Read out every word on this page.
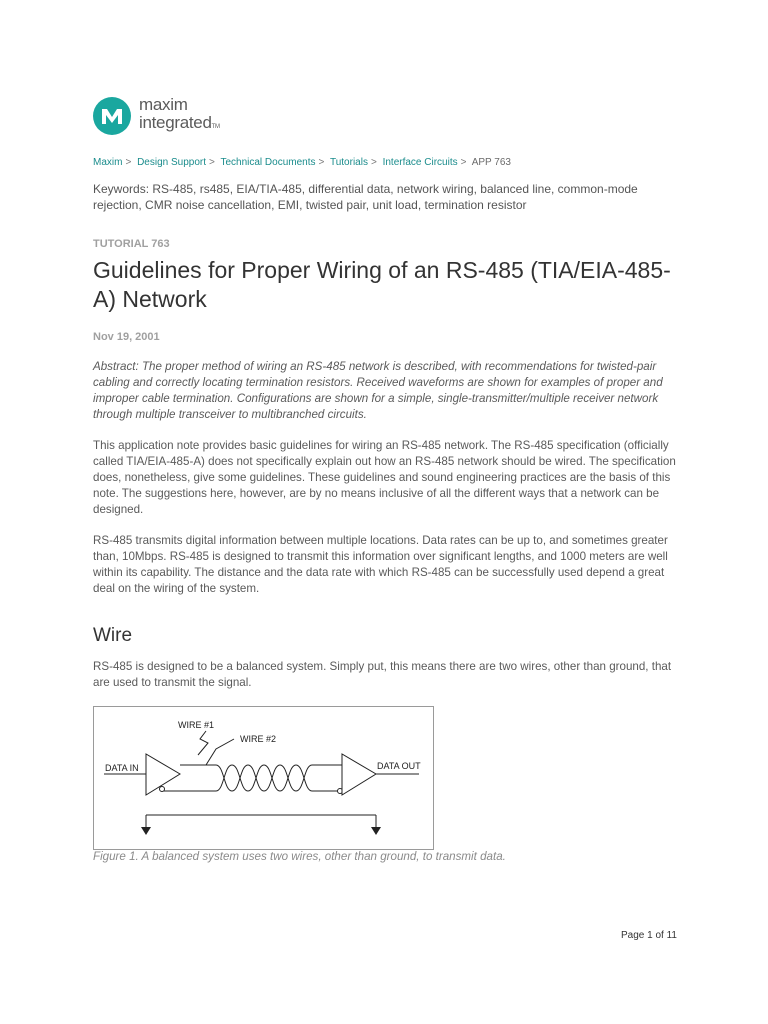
maxim
integratedTM
Maxim > Design Support > Technical Documents > Tutorials > Interface Circuits > APP 763
Keywords: RS-485, rs485, EIA/TIA-485, differential data, network wiring, balanced line, common-mode rejection, CMR noise cancellation, EMI, twisted pair, unit load, termination resistor
TUTORIAL 763
Guidelines for Proper Wiring of an RS-485 (TIA/EIA-485-A) Network
Nov 19, 2001

Abstract: The proper method of wiring an RS-485 network is described, with recommendations for twisted-pair cabling and correctly locating termination resistors. Received waveforms are shown for examples of proper and improper cable termination. Configurations are shown for a simple, single-transmitter/multiple receiver network through multiple transceiver to multibranched circuits.

This application note provides basic guidelines for wiring an RS-485 network. The RS-485 specification (officially called TIA/EIA-485-A) does not specifically explain out how an RS-485 network should be wired. The specification does, nonetheless, give some guidelines. These guidelines and sound engineering practices are the basis of this note. The suggestions here, however, are by no means inclusive of all the different ways that a network can be designed.

RS-485 transmits digital information between multiple locations. Data rates can be up to, and sometimes greater than, 10Mbps. RS-485 is designed to transmit this information over significant lengths, and 1000 meters are well within its capability. The distance and the data rate with which RS-485 can be successfully used depend a great deal on the wiring of the system.

Wire

RS-485 is designed to be a balanced system. Simply put, this means there are two wires, other than ground, that are used to transmit the signal.

WIRE #1
WIRE #2
DATA IN	DATA OUT
Figure 1. A balanced system uses two wires, other than ground, to transmit data.
Page 1 of 11
